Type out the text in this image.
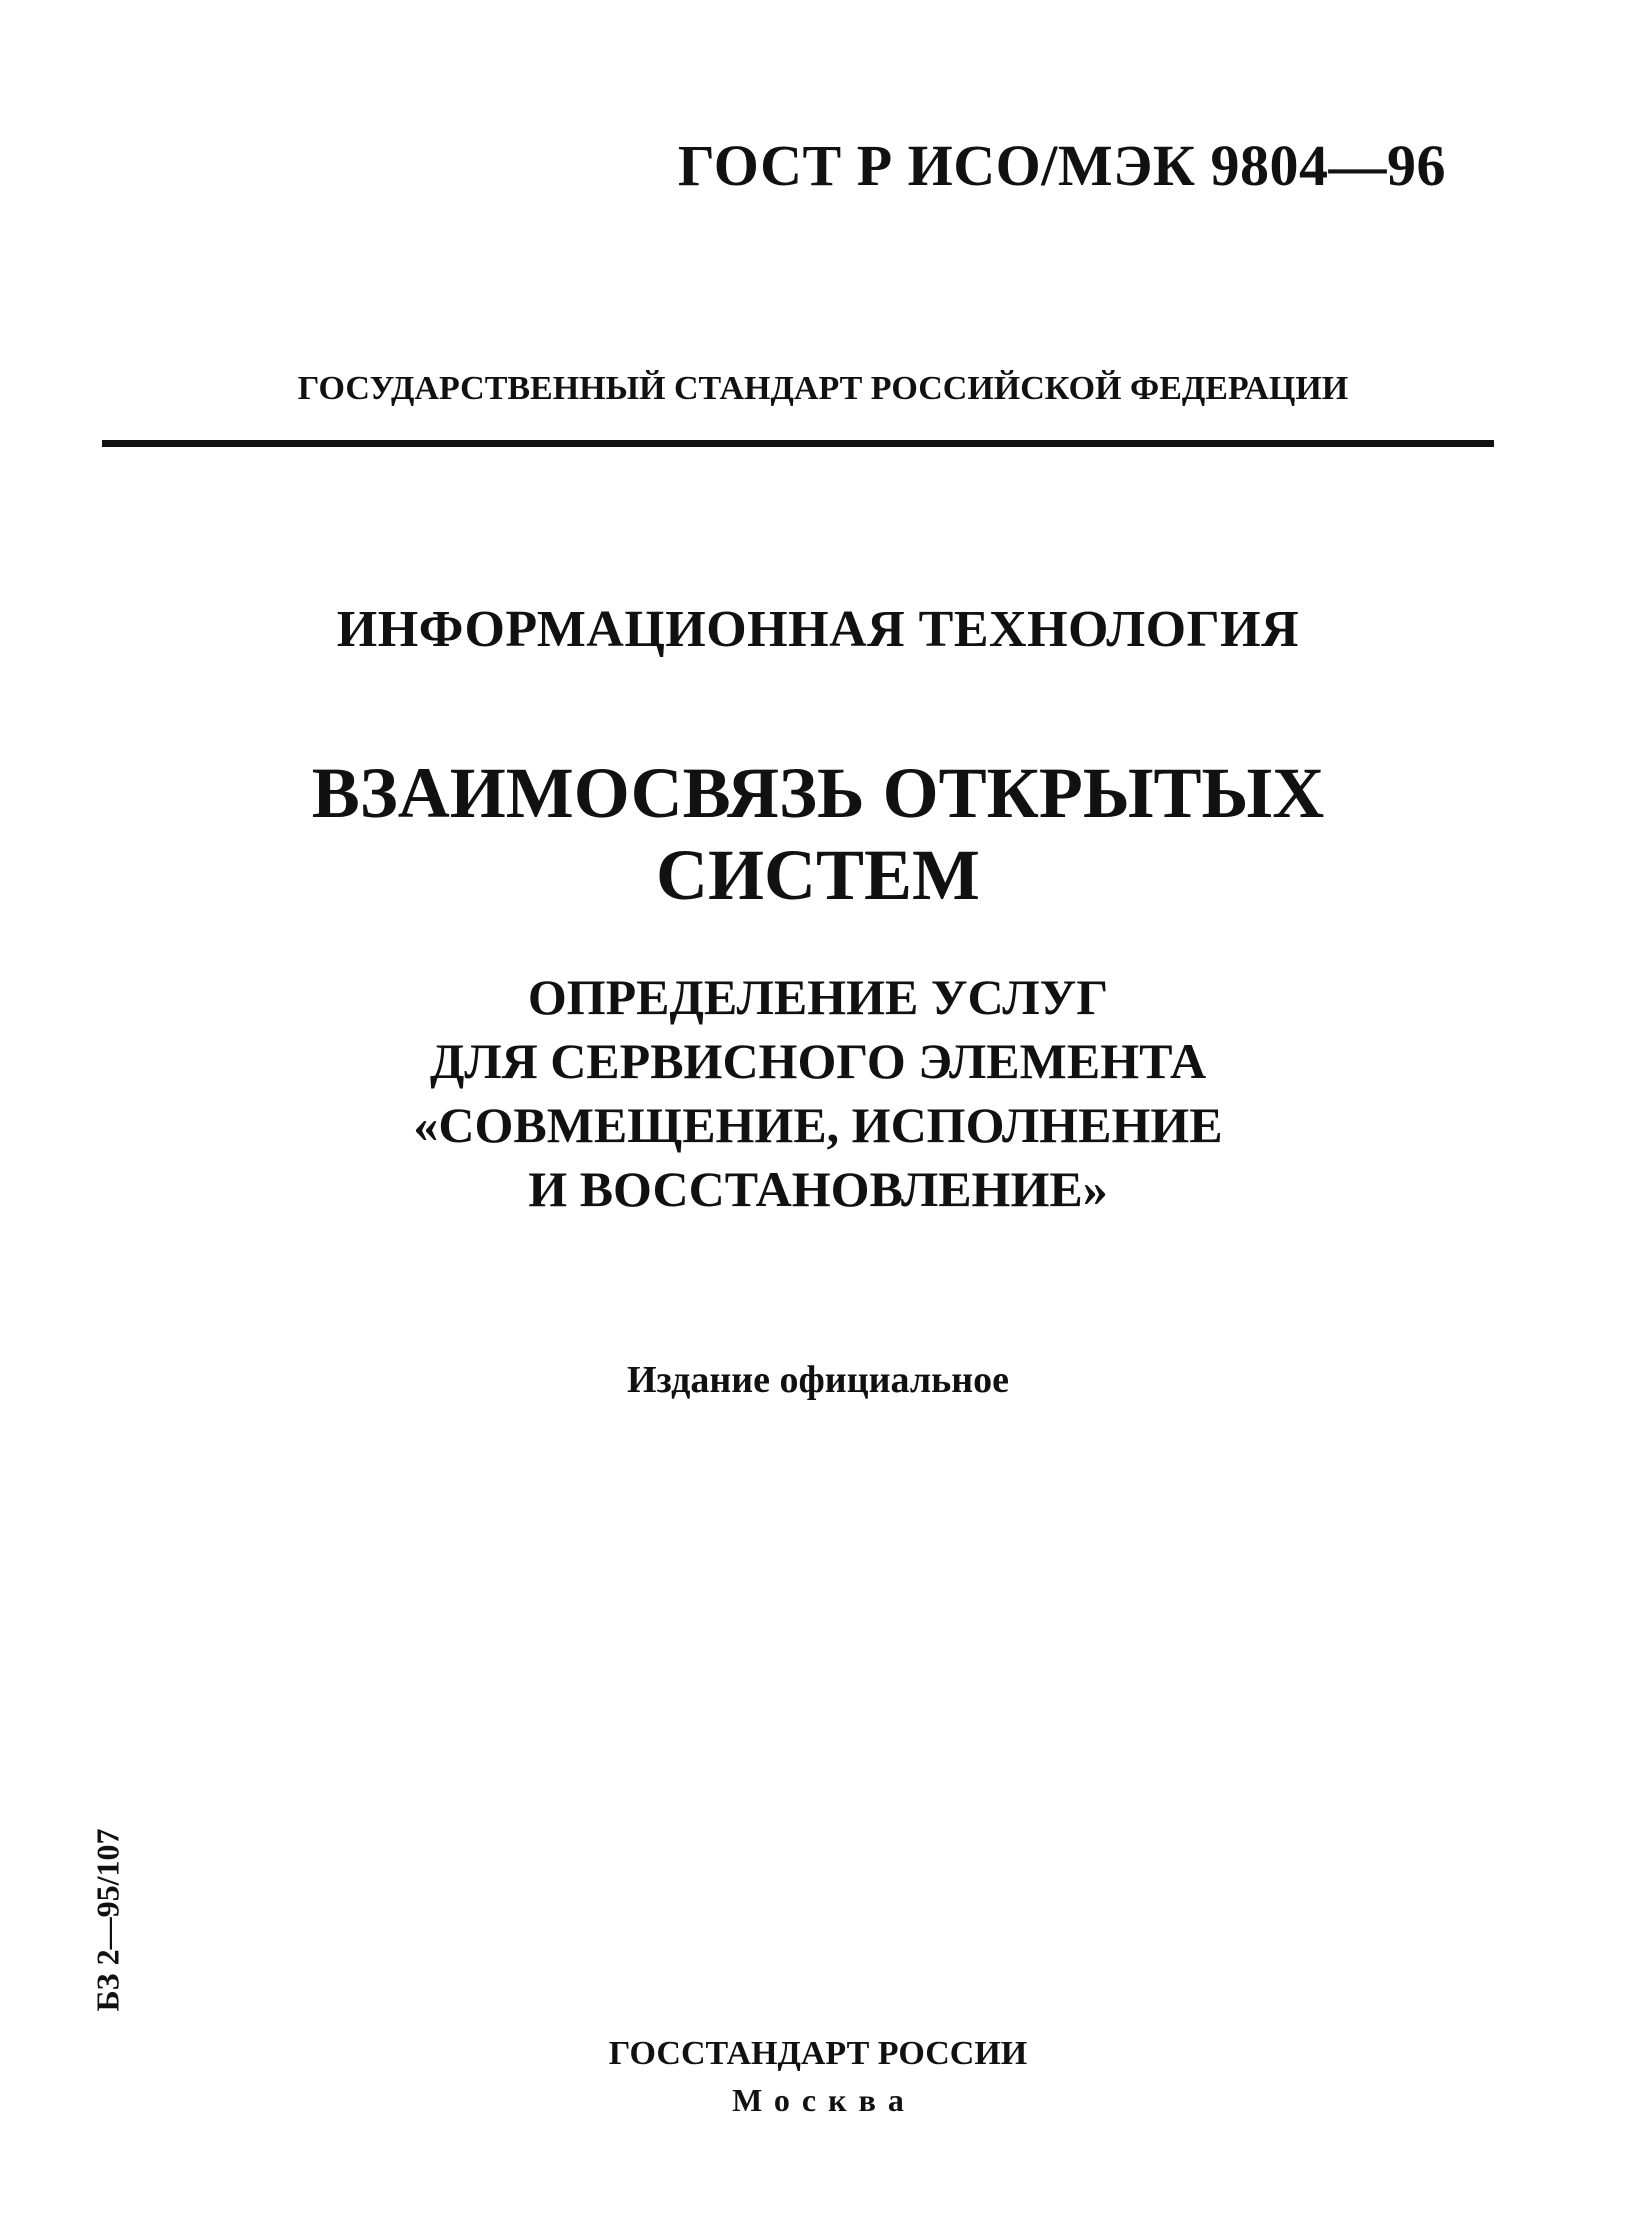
ГОСТ Р ИСО/МЭК 9804—96
ГОСУДАРСТВЕННЫЙ СТАНДАРТ РОССИЙСКОЙ ФЕДЕРАЦИИ
ИНФОРМАЦИОННАЯ ТЕХНОЛОГИЯ
ВЗАИМОСВЯЗЬ ОТКРЫТЫХ
СИСТЕМ
ОПРЕДЕЛЕНИЕ УСЛУГ
ДЛЯ СЕРВИСНОГО ЭЛЕМЕНТА
«СОВМЕЩЕНИЕ, ИСПОЛНЕНИЕ
И ВОССТАНОВЛЕНИЕ»
Издание официальное
БЗ 2—95/107
ГОССТАНДАРТ РОССИИ
Москва
